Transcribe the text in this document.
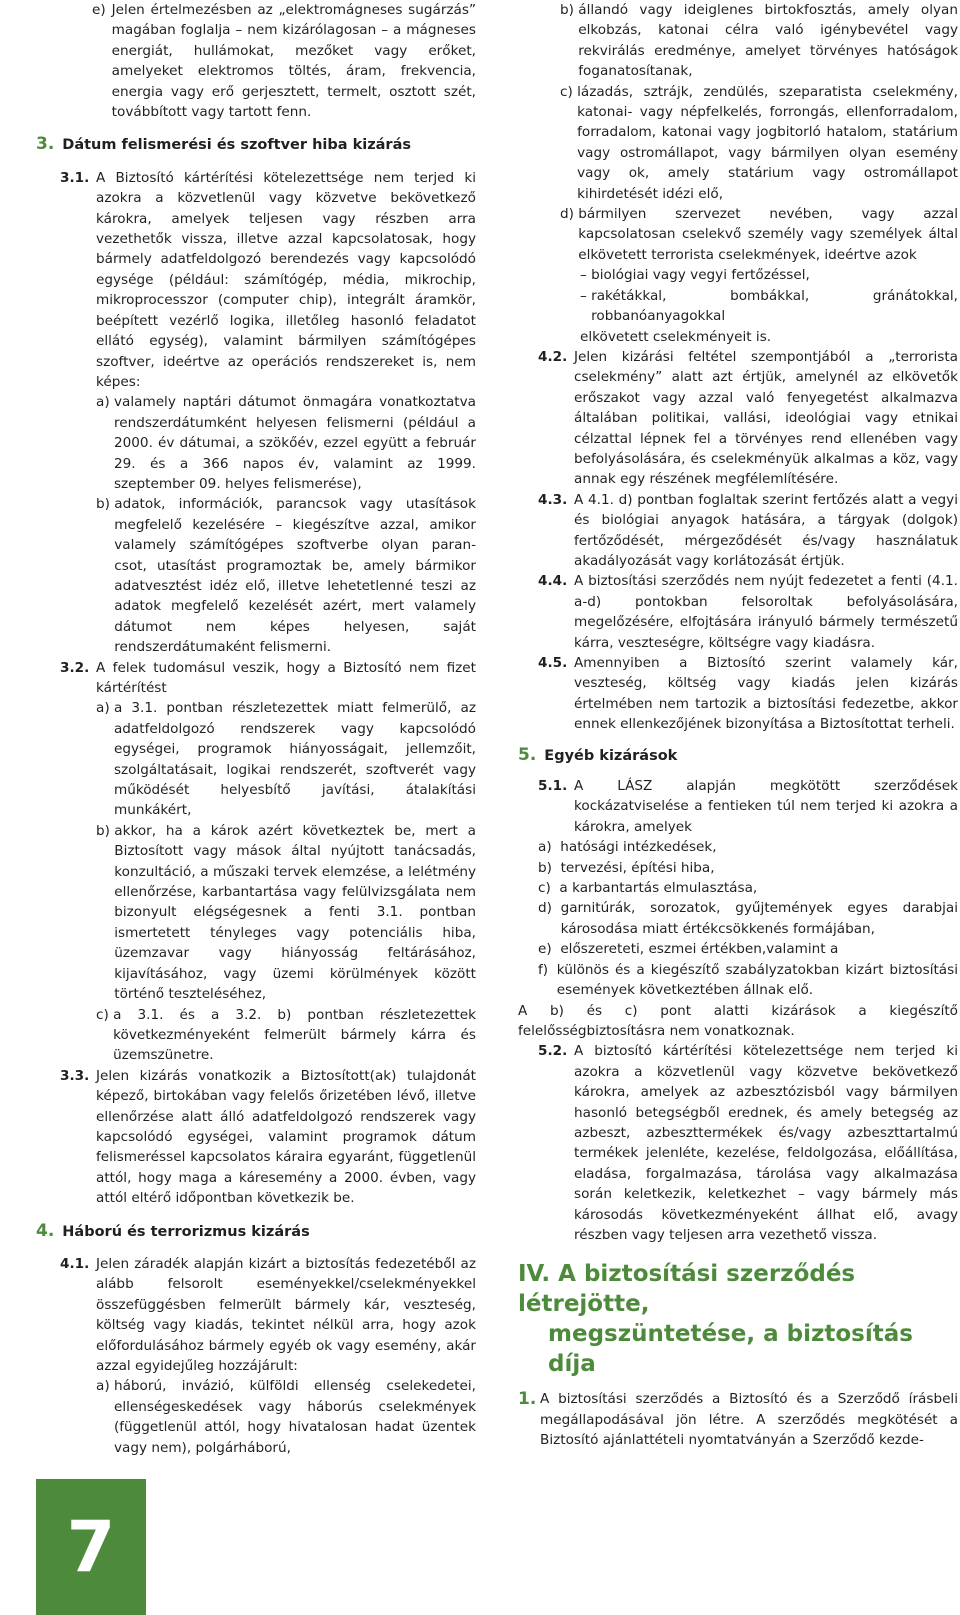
e) Jelen értelmezésben az „elektromágneses sugárzás” magában foglalja – nem kizárólagosan – a mágneses energiát, hullámokat, mezőket vagy erőket, amelyeket elektromos töltés, áram, frekvencia, energia vagy erő gerjesztett, termelt, osztott szét, továbbított vagy tartott fenn.
3. Dátum felismerési és szoftver hiba kizárás
3.1. A Biztosító kártérítési kötelezettsége nem terjed ki azokra a közvetlenül vagy közvetve bekövetkező károkra, amelyek teljesen vagy részben arra vezethetők vissza, illetve azzal kapcsolatosak, hogy bármely adatfeldolgozó berendezés vagy kapcsolódó egysége (például: számítógép, média, mikrochip, mikroprocesszor (computer chip), integrált áramkör, beépített vezérlő logika, illetőleg hasonló feladatot ellátó egység), valamint bármilyen számítógépes szoftver, ideértve az operációs rendszereket is, nem képes:
a) valamely naptári dátumot önmagára vonatkoztatva rendszerdátumként helyesen felismerni (például a 2000. év dátumai, a szökőév, ezzel együtt a február 29. és a 366 napos év, valamint az 1999. szeptember 09. helyes felismerése),
b) adatok, információk, parancsok vagy utasítások megfelelő kezelésére – kiegészítve azzal, amikor valamely számítógépes szoftverbe olyan paran- csot, utasítást programoztak be, amely bármikor adatvesztést idéz elő, illetve lehetetlenné teszi az adatok megfelelő kezelését azért, mert valamely dátumot nem képes helyesen, saját rendszerdátumaként felismerni.
3.2. A felek tudomásul veszik, hogy a Biztosító nem fizet kártérítést
a) a 3.1. pontban részletezettek miatt felmerülő, az adatfeldolgozó rendszerek vagy kapcsolódó egységei, programok hiányosságait, jellemzőit, szolgáltatásait, logikai rendszerét, szoftverét vagy működését helyesbítő javítási, átalakítási munkákért,
b) akkor, ha a károk azért következtek be, mert a Biztosított vagy mások által nyújtott tanácsadás, konzultáció, a műszaki tervek elemzése, a lelétmény ellenőrzése, karbantartása vagy felülvizsgálata nem bizonyult elégségesnek a fenti 3.1. pontban ismertetett tényleges vagy potenciális hiba, üzemzavar vagy hiányosság feltárásához, kijavításához, vagy üzemi körülmények között történő teszteléséhez,
c) a 3.1. és a 3.2. b) pontban részletezettek következményeként felmerült bármely kárra és üzemszünetre.
3.3. Jelen kizárás vonatkozik a Biztosított(ak) tulajdonát képező, birtokában vagy felelős őrizetében lévő, illetve ellenőrzése alatt álló adatfeldolgozó rendszerek vagy kapcsolódó egységei, valamint programok dátum felismeréssel kapcsolatos káraira egyaránt, függetlenül attól, hogy maga a káresemény a 2000. évben, vagy attól eltérő időpontban következik be.
4. Háború és terrorizmus kizárás
4.1. Jelen záradék alapján kizárt a biztosítás fedezetéből az alább felsorolt eseményekkel/cselekményekkel összefüggésben felmerült bármely kár, veszteség, költség vagy kiadás, tekintet nélkül arra, hogy azok előfordulásához bármely egyéb ok vagy esemény, akár azzal egyidejűleg hozzájárult:
a) háború, invázió, külföldi ellenség cselekedetei, ellenségeskedések vagy háborús cselekmények (függetlenül attól, hogy hivatalosan hadat üzentek vagy nem), polgárháború,
b) állandó vagy ideiglenes birtokfosztás, amely olyan elkobzás, katonai célra való igénybevétel vagy rekvirálás eredménye, amelyet törvényes hatóságok foganatosítanak,
c) lázadás, sztrájk, zendülés, szeparatista cselekmény, katonai- vagy népfelkelés, forrongás, ellenforradalom, forradalom, katonai vagy jogbitorló hatalom, statárium vagy ostromállapot, vagy bármilyen olyan esemény vagy ok, amely statárium vagy ostromállapot kihirdetését idézi elő,
d) bármilyen szervezet nevében, vagy azzal kapcsolatosan cselekvő személy vagy személyek által elkövetett terrorista cselekmények, ideértve azok
– biológiai vagy vegyi fertőzéssel,
– rakétákkal, bombákkal, gránátokkal, robbanóanyagokkal

elkövetett cselekményeit is.

4.2. Jelen kizárási feltétel szempontjából a „terrorista cselekmény” alatt azt értjük, amelynél az elkövetők erőszakot vagy azzal való fenyegetést alkalmazva általában politikai, vallási, ideológiai vagy etnikai célzattal lépnek fel a törvényes rend ellenében vagy befolyásolására, és cselekményük alkalmas a köz, vagy annak egy részének megfélemlítésére.
4.3. A 4.1. d) pontban foglaltak szerint fertőzés alatt a vegyi és biológiai anyagok hatására, a tárgyak (dolgok) fertőződését, mérgeződését és/vagy használatuk akadályozását vagy korlátozását értjük.
4.4. A biztosítási szerződés nem nyújt fedezetet a fenti (4.1. a-d) pontokban felsoroltak befolyásolására, megelőzésére, elfojtására irányuló bármely természetű kárra, veszteségre, költségre vagy kiadásra.
4.5. Amennyiben a Biztosító szerint valamely kár, veszteség, költség vagy kiadás jelen kizárás értelmében nem tartozik a biztosítási fedezetbe, akkor ennek ellenkezőjének bizonyítása a Biztosítottat terheli.
5. Egyéb kizárások
5.1. A LÁSZ alapján megkötött szerződések kockázatviselése a fentieken túl nem terjed ki azokra a károkra, amelyek
a) hatósági intézkedések,
b) tervezési, építési hiba,
c) a karbantartás elmulasztása,
d) garnitúrák, sorozatok, gyűjtemények egyes darabjai károsodása miatt értékcsökkenés formájában,
e) előszereteti, eszmei értékben,valamint a
f) különös és a kiegészítő szabályzatokban kizárt biztosítási események következtében állnak elő.

A b) és c) pont alatti kizárások a kiegészítő felelősségbiztosításra nem vonatkoznak.

5.2. A biztosító kártérítési kötelezettsége nem terjed ki azokra a közvetlenül vagy közvetve bekövetkező károkra, amelyek az azbesztózisból vagy bármilyen hasonló betegségből erednek, és amely betegség az azbeszt, azbeszttermékek és/vagy azbeszttartalmú termékek jelenléte, kezelése, feldolgozása, előállítása, eladása, forgalmazása, tárolása vagy alkalmazása során keletkezik, keletkezhet – vagy bármely más károsodás következményeként állhat elő, avagy részben vagy teljesen arra vezethető vissza.
IV. A biztosítási szerződés létrejötte,
megszüntetése, a biztosítás díja
1. A biztosítási szerződés a Biztosító és a Szerződő írásbeli megállapodásával jön létre. A szerződés megkötését a Biztosító ajánlattételi nyomtatványán a Szerződő kezde-
7
